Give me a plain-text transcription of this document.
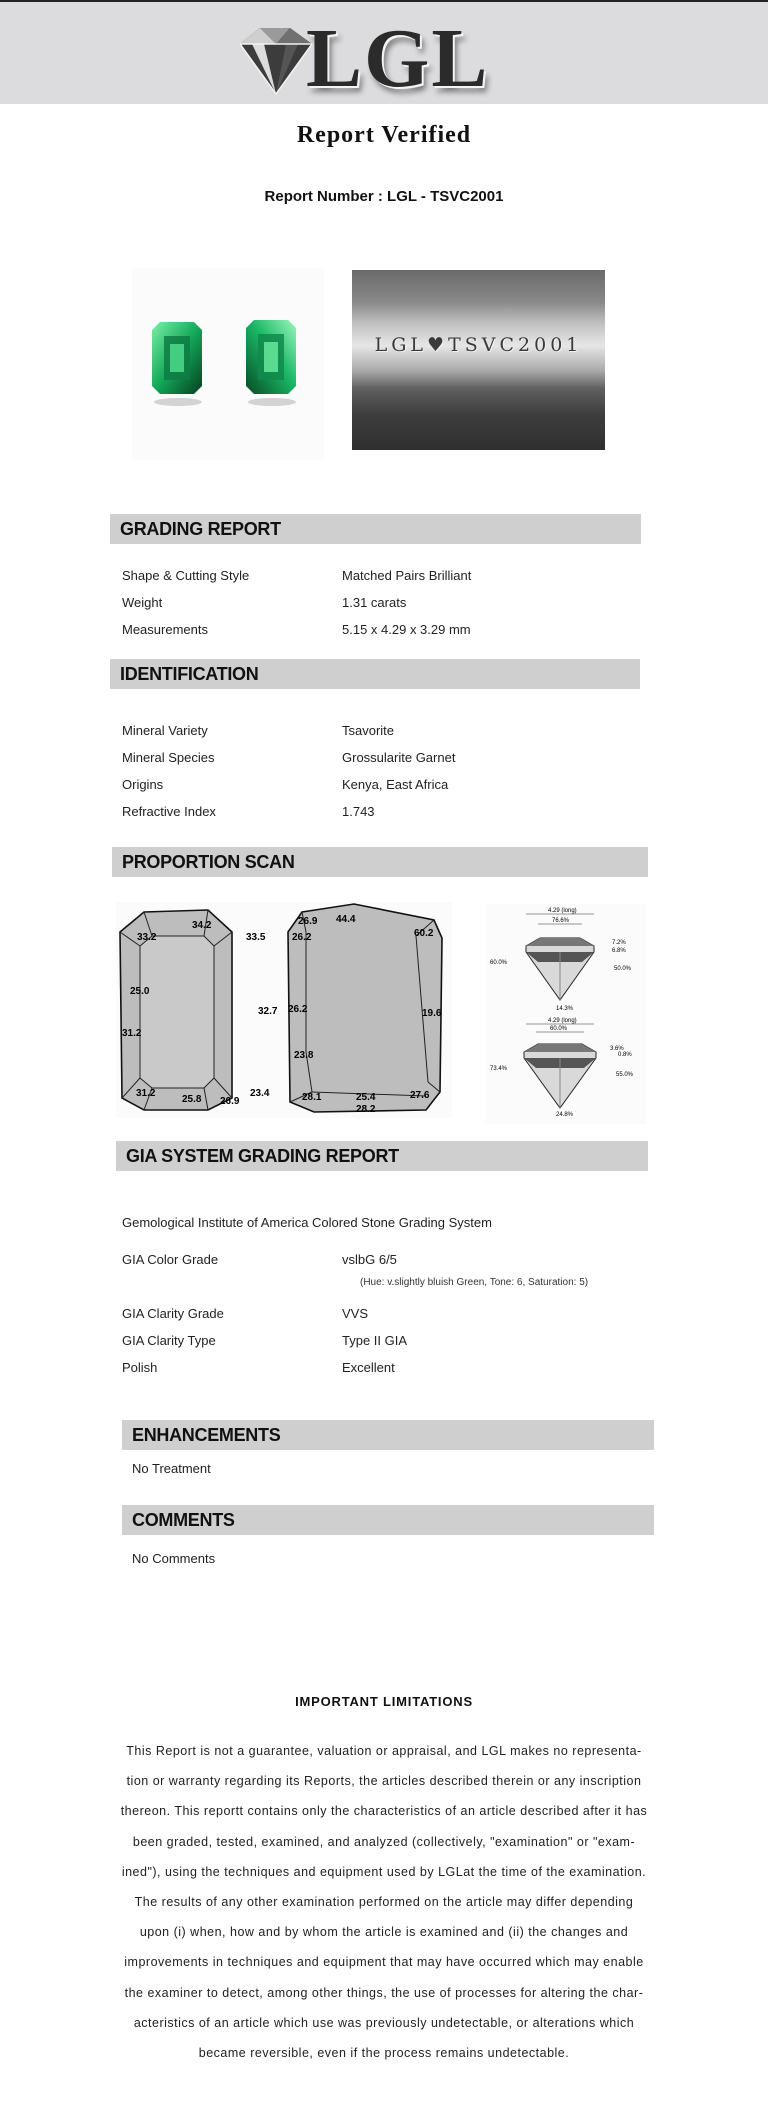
LGL
Report Verified
Report Number : LGL - TSVC2001
LGL♥TSVC2001
GRADING REPORT
Shape & Cutting Style	Matched Pairs Brilliant
Weight	1.31 carats
Measurements	5.15 x 4.29 x 3.29 mm
IDENTIFICATION
Mineral Variety	Tsavorite
Mineral Species	Grossularite Garnet
Origins	Kenya, East Africa
Refractive Index	1.743
PROPORTION SCAN
33.2
34.2
33.5
25.0
32.7
31.2
31.2
25.8 26.9
23.4
26.9 44.4
60.2
26.2
26.2	19.6
23.8
28.1	25.4
28.2
27.6
4.29 (long)
76.6%
60.0%
7.2%
6.8%
50.0%
14.3%
4.29 (long)
60.0%
73.4%
3.6%
0.8%
55.0%
24.8%
GIA SYSTEM GRADING REPORT
Gemological Institute of America Colored Stone Grading System
GIA Color Grade	vslbG 6/5
(Hue: v.slightly bluish Green, Tone: 6, Saturation: 5)
GIA Clarity Grade	VVS
GIA Clarity Type	Type II GIA
Polish	Excellent
ENHANCEMENTS
No Treatment
COMMENTS
No Comments
IMPORTANT LIMITATIONS
This Report is not a guarantee, valuation or appraisal, and LGL makes no representa-tion or warranty regarding its Reports, the articles described therein or any inscription thereon. This reportt contains only the characteristics of an article described after it has been graded, tested, examined, and analyzed (collectively, "examination" or "exam-ined"), using the techniques and equipment used by LGLat the time of the examination. The results of any other examination performed on the article may differ depending upon (i) when, how and by whom the article is examined and (ii) the changes and improvements in techniques and equipment that may have occurred which may enable the examiner to detect, among other things, the use of processes for altering the char-acteristics of an article which use was previously undetectable, or alterations which became reversible, even if the process remains undetectable.
